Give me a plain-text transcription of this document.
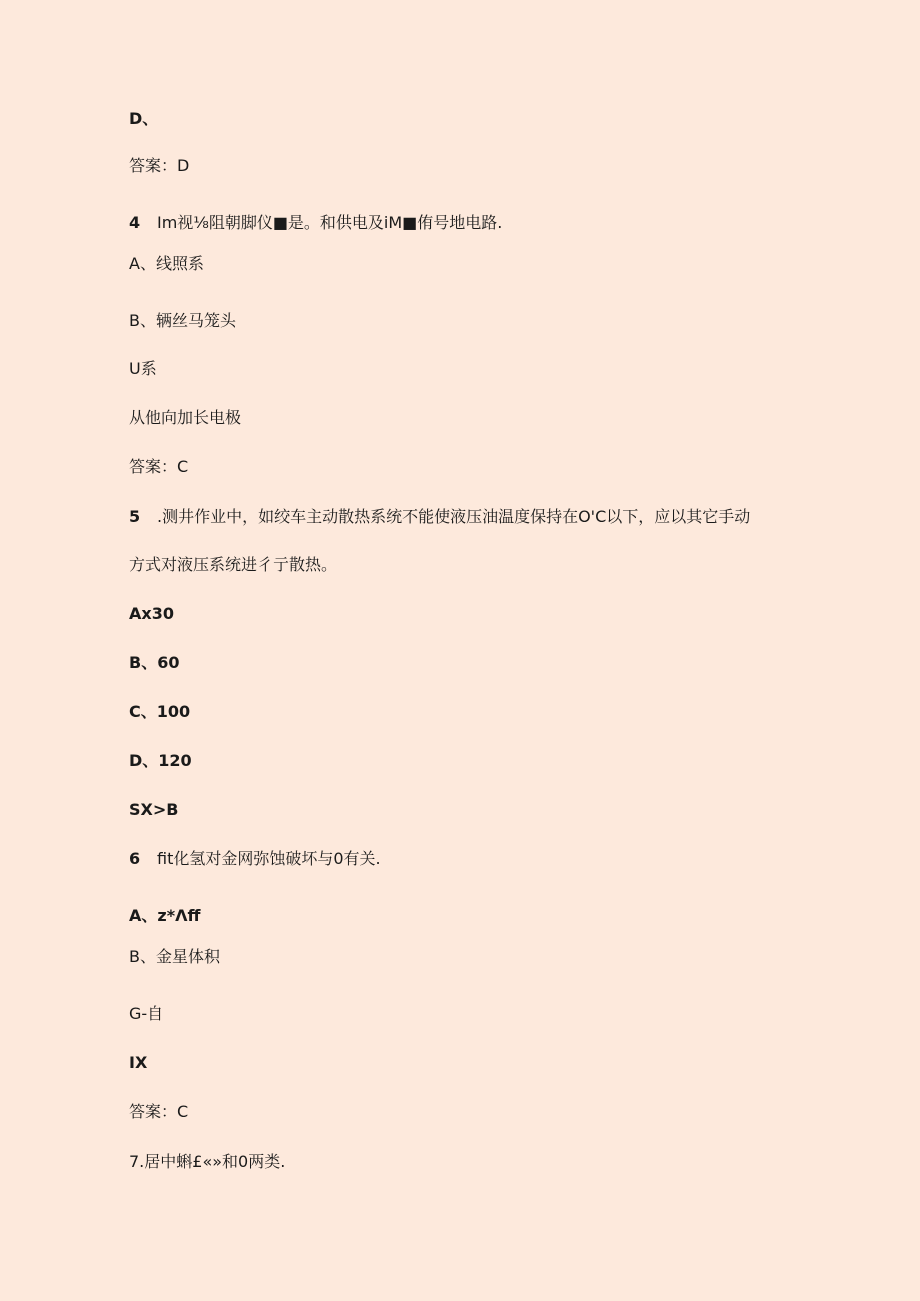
D、
答案：D
4 Im视⅛阻朝脚仪■是。和供电及iM■侑号地电路.
A、线照系
B、辆丝马笼头
U系
从他向加长电极
答案：C
5 .测井作业中，如绞车主动散热系统不能使液压油温度保持在O'C以下，应以其它手动
方式对液压系统进彳亍散热。
Ax30
B、60
C、100
D、120
SX>B
6 fit化氢对金网弥蚀破坏与0有关.
A、z*Λff
B、金星体积
G-自
IX
答案：C
7.居中蝌£«»和0两类.
